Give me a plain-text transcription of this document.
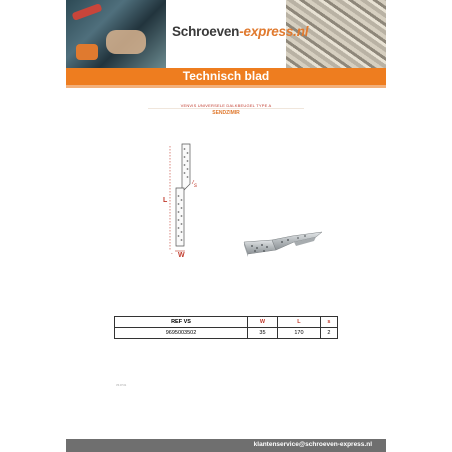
Schroeven-express.nl
Technisch blad
VENVIS UNIVERSELE DALKBEUGEL TYPE A
SENDZIMIR
L
s
- W
REF VS	W	L	s
9695003502	35	170	2
VS 07.01
klantenservice@schroeven-express.nl
